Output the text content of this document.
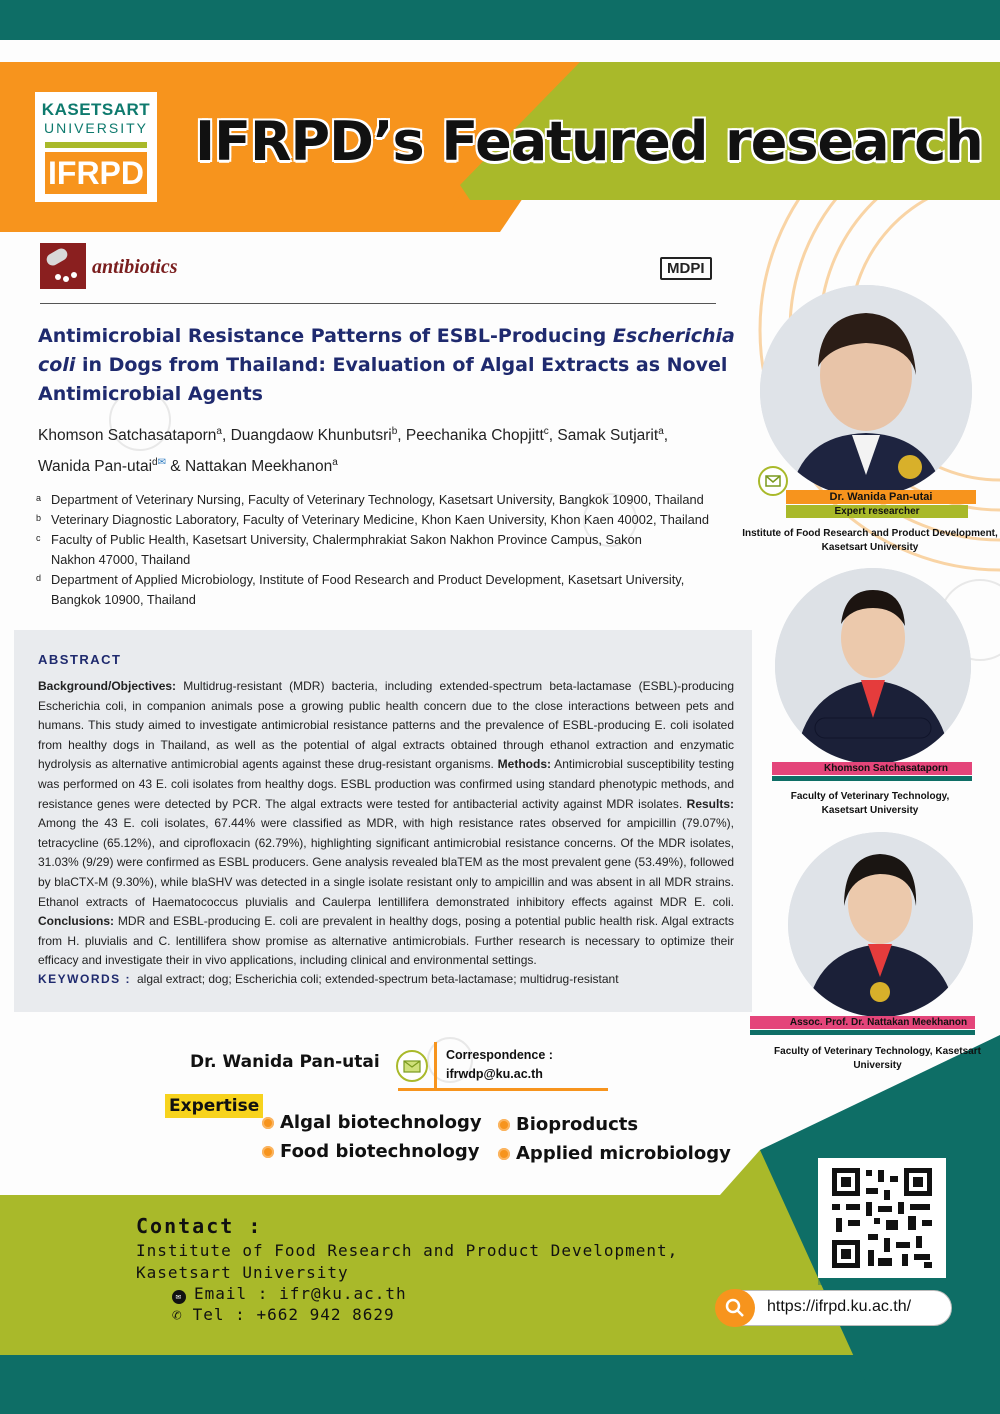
KASETSART
UNIVERSITY
IFRPD IFRPD’s Featured research
antibiotics	MDPI
Antimicrobial Resistance Patterns of ESBL-Producing Escherichia coli in Dogs from Thailand: Evaluation of Algal Extracts as Novel Antimicrobial Agents
Khomson Satchasataporn$^a$, Duangdaow Khunbutsri$^b$, Peechanika Chopjitt$^c$, Samak Sutjarit$^a$,
Wanida Pan-utai$^{d✉}$ & Nattakan Meekhanon$^a$
a Department of Veterinary Nursing, Faculty of Veterinary Technology, Kasetsart University, Bangkok 10900, Thailand
b Veterinary Diagnostic Laboratory, Faculty of Veterinary Medicine, Khon Kaen University, Khon Kaen 40002, Thailand
c Faculty of Public Health, Kasetsart University, Chalermphrakiat Sakon Nakhon Province Campus, Sakon Nakhon 47000, Thailand
d Department of Applied Microbiology, Institute of Food Research and Product Development, Kasetsart University, Bangkok 10900, Thailand
ABSTRACT
Background/Objectives: Multidrug-resistant (MDR) bacteria, including extended-spectrum beta-lactamase (ESBL)-producing Escherichia coli, in companion animals pose a growing public health concern due to the close interactions between pets and humans. This study aimed to investigate antimicrobial resistance patterns and the prevalence of ESBL-producing E. coli isolated from healthy dogs in Thailand, as well as the potential of algal extracts obtained through ethanol extraction and enzymatic hydrolysis as alternative antimicrobial agents against these drug-resistant organisms. Methods: Antimicrobial susceptibility testing was performed on 43 E. coli isolates from healthy dogs. ESBL production was confirmed using standard phenotypic methods, and resistance genes were detected by PCR. The algal extracts were tested for antibacterial activity against MDR isolates. Results: Among the 43 E. coli isolates, 67.44% were classified as MDR, with high resistance rates observed for ampicillin (79.07%), tetracycline (65.12%), and ciprofloxacin (62.79%), highlighting significant antimicrobial resistance concerns. Of the MDR isolates, 31.03% (9/29) were confirmed as ESBL producers. Gene analysis revealed blaTEM as the most prevalent gene (53.49%), followed by blaCTX-M (9.30%), while blaSHV was detected in a single isolate resistant only to ampicillin and was absent in all MDR strains. Ethanol extracts of Haematococcus pluvialis and Caulerpa lentillifera demonstrated inhibitory effects against MDR E. coli. Conclusions: MDR and ESBL-producing E. coli are prevalent in healthy dogs, posing a potential public health risk. Algal extracts from H. pluvialis and C. lentillifera show promise as alternative antimicrobials. Further research is necessary to optimize their efficacy and investigate their in vivo applications, including clinical and environmental settings.
KEYWORDS : algal extract; dog; Escherichia coli; extended-spectrum beta-lactamase; multidrug-resistant
Dr. Wanida Pan-utai
Expert researcher
Institute of Food Research and Product Development, Kasetsart University
Khomson Satchasataporn
Faculty of Veterinary Technology, Kasetsart University
Assoc. Prof. Dr. Nattakan Meekhanon
Faculty of Veterinary Technology, Kasetsart University
Dr. Wanida Pan-utai	Correspondence :
ifrwdp@ku.ac.th
Expertise
Algal biotechnology
Food biotechnology
Bioproducts
Applied microbiology
Contact :
Institute of Food Research and Product Development,
Kasetsart University
✉ Email : ifr@ku.ac.th
✆ Tel : +662 942 8629	https://ifrpd.ku.ac.th/
